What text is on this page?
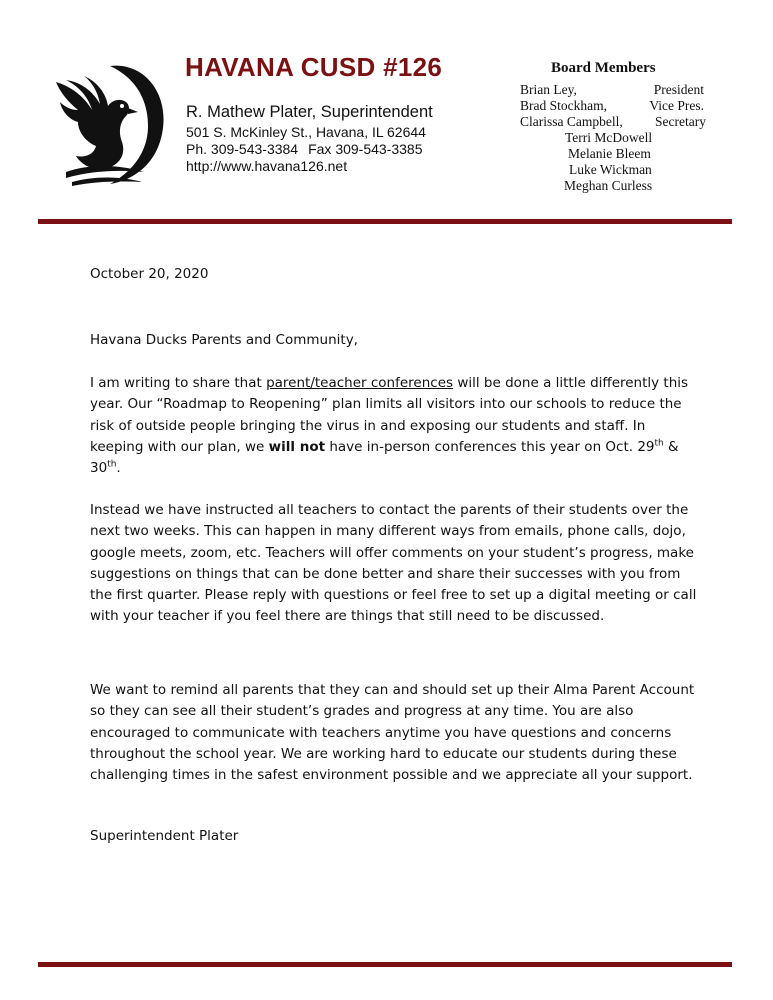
HAVANA CUSD #126
R. Mathew Plater, Superintendent
501 S. McKinley St., Havana, IL 62644
Ph. 309-543-3384 Fax 309-543-3385
http://www.havana126.net
Board Members
Brian Ley,	President
Brad Stockham,	Vice Pres.
Clarissa Campbell, Secretary
Terri McDowell
Melanie Bleem
Luke Wickman
Meghan Curless
October 20, 2020
Havana Ducks Parents and Community,

I am writing to share that parent/teacher conferences will be done a little differently this year. Our “Roadmap to Reopening” plan limits all visitors into our schools to reduce the risk of outside people bringing the virus in and exposing our students and staff. In keeping with our plan, we will not have in-person conferences this year on Oct. 29th & 30th.

Instead we have instructed all teachers to contact the parents of their students over the next two weeks. This can happen in many different ways from emails, phone calls, dojo, google meets, zoom, etc. Teachers will offer comments on your student’s progress, make suggestions on things that can be done better and share their successes with you from the first quarter. Please reply with questions or feel free to set up a digital meeting or call with your teacher if you feel there are things that still need to be discussed.

We want to remind all parents that they can and should set up their Alma Parent Account so they can see all their student’s grades and progress at any time. You are also encouraged to communicate with teachers anytime you have questions and concerns throughout the school year. We are working hard to educate our students during these challenging times in the safest environment possible and we appreciate all your support.

Superintendent Plater
